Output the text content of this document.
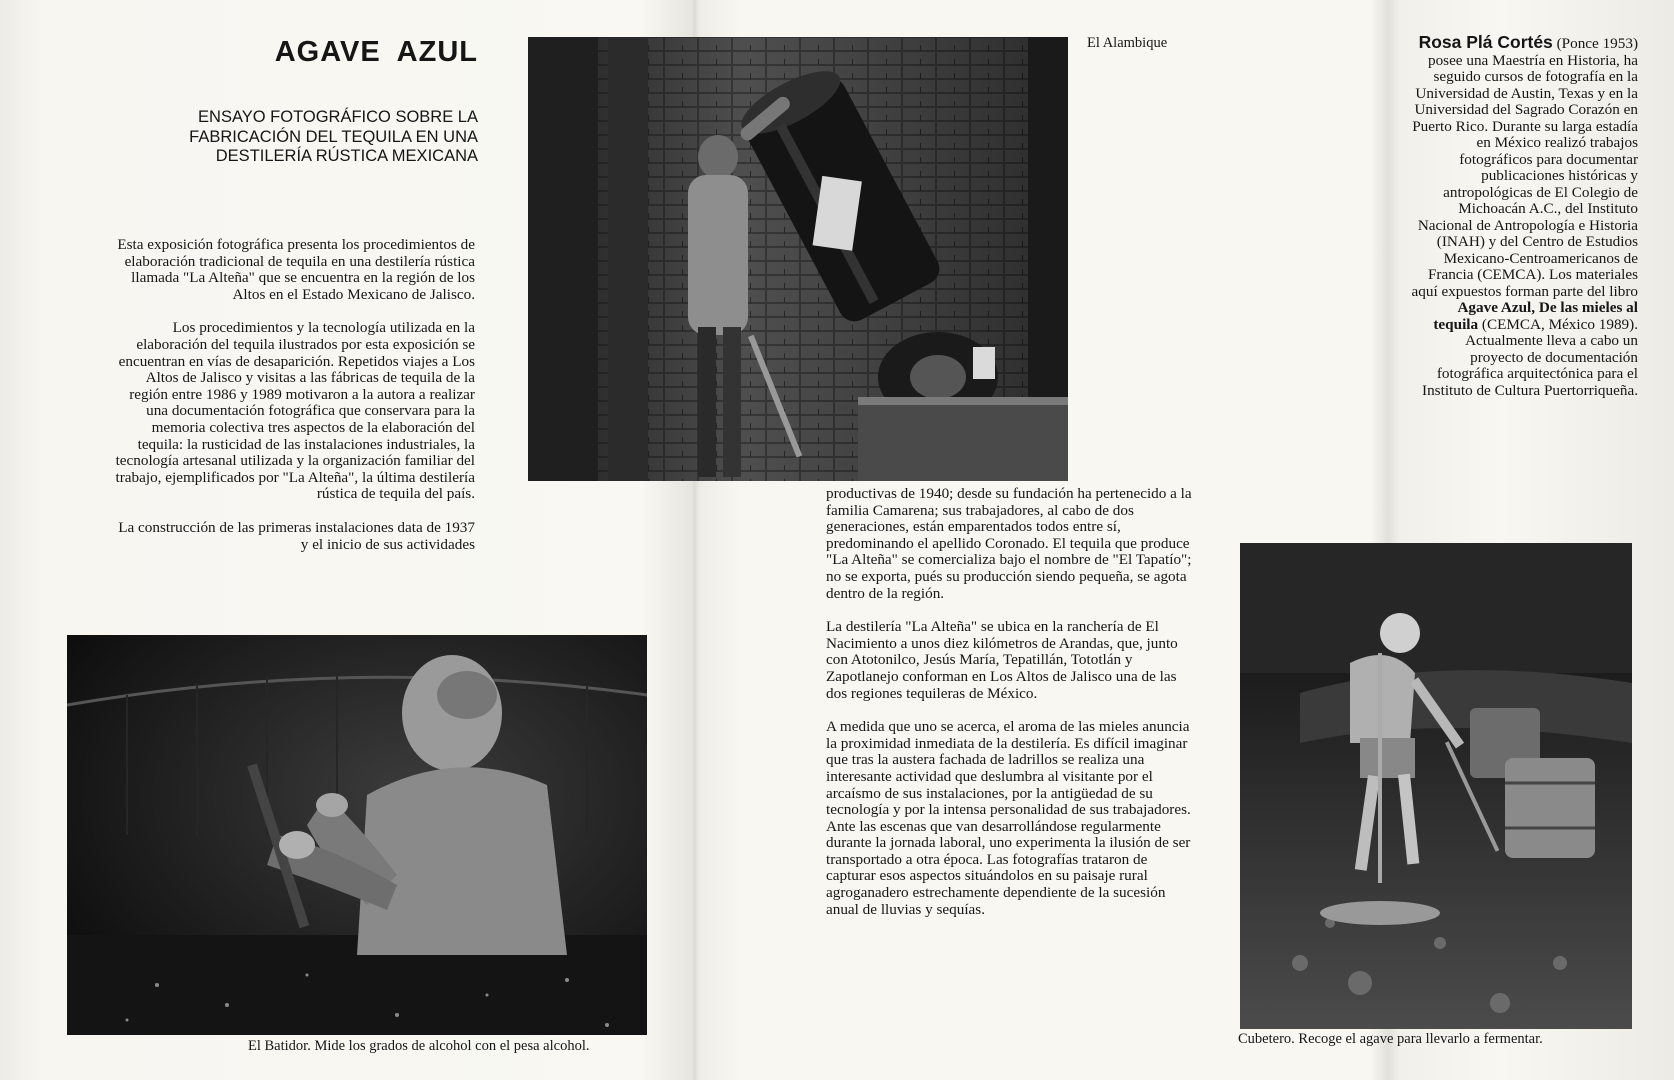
AGAVE AZUL
ENSAYO FOTOGRÁFICO SOBRE LA FABRICACIÓN DEL TEQUILA EN UNA DESTILERÍA RÚSTICA MEXICANA

Esta exposición fotográfica presenta los procedimientos de elaboración tradicional de tequila en una destilería rústica llamada "La Alteña" que se encuentra en la región de los Altos en el Estado Mexicano de Jalisco.

Los procedimientos y la tecnología utilizada en la elaboración del tequila ilustrados por esta exposición se encuentran en vías de desaparición. Repetidos viajes a Los Altos de Jalisco y visitas a las fábricas de tequila de la región entre 1986 y 1989 motivaron a la autora a realizar una documentación fotográfica que conservara para la memoria colectiva tres aspectos de la elaboración del tequila: la rusticidad de las instalaciones industriales, la tecnología artesanal utilizada y la organización familiar del trabajo, ejemplificados por "La Alteña", la última destilería rústica de tequila del país.

La construcción de las primeras instalaciones data de 1937 y el inicio de sus actividades

El Alambique
El Batidor. Mide los grados de alcohol con el pesa alcohol.

productivas de 1940; desde su fundación ha pertenecido a la familia Camarena; sus trabajadores, al cabo de dos generaciones, están emparentados todos entre sí, predominando el apellido Coronado. El tequila que produce "La Alteña" se comercializa bajo el nombre de "El Tapatío"; no se exporta, pués su producción siendo pequeña, se agota dentro de la región.

La destilería "La Alteña" se ubica en la ranchería de El Nacimiento a unos diez kilómetros de Arandas, que, junto con Atotonilco, Jesús María, Tepatillán, Tototlán y Zapotlanejo conforman en Los Altos de Jalisco una de las dos regiones tequileras de México.

A medida que uno se acerca, el aroma de las mieles anuncia la proximidad inmediata de la destilería. Es difícil imaginar que tras la austera fachada de ladrillos se realiza una interesante actividad que deslumbra al visitante por el arcaísmo de sus instalaciones, por la antigüedad de su tecnología y por la intensa personalidad de sus trabajadores. Ante las escenas que van desarrollándose regularmente durante la jornada laboral, uno experimenta la ilusión de ser transportado a otra época. Las fotografías trataron de capturar esos aspectos situándolos en su paisaje rural agroganadero estrechamente dependiente de la sucesión anual de lluvias y sequías.

Rosa Plá Cortés (Ponce 1953) posee una Maestría en Historia, ha seguido cursos de fotografía en la Universidad de Austin, Texas y en la Universidad del Sagrado Corazón en Puerto Rico. Durante su larga estadía en México realizó trabajos fotográficos para documentar publicaciones históricas y antropológicas de El Colegio de Michoacán A.C., del Instituto Nacional de Antropología e Historia (INAH) y del Centro de Estudios Mexicano-Centroamericanos de Francia (CEMCA). Los materiales aquí expuestos forman parte del libro Agave Azul, De las mieles al tequila (CEMCA, México 1989). Actualmente lleva a cabo un proyecto de documentación fotográfica arquitectónica para el Instituto de Cultura Puertorriqueña.
Cubetero. Recoge el agave para llevarlo a fermentar.
